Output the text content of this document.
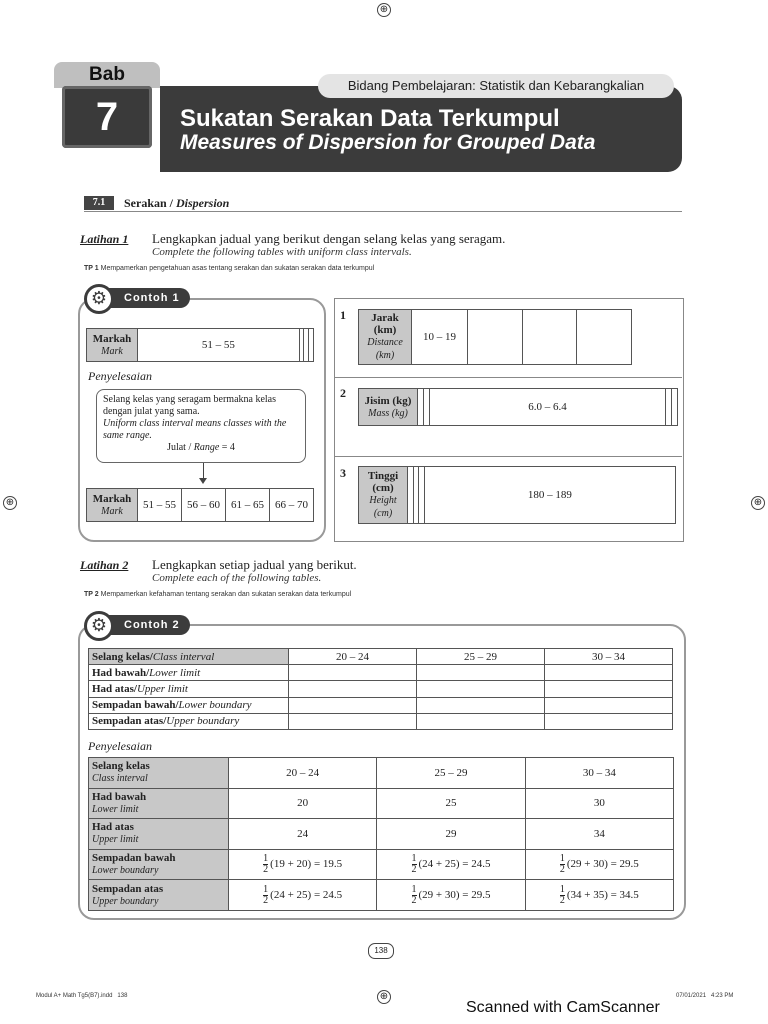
⊕
⊕	⊕
⊕
Bab
7
Bidang Pembelajaran: Statistik dan Kebarangkalian
Sukatan Serakan Data Terkumpul
Measures of Dispersion for Grouped Data
7.1	Serakan / Dispersion
Latihan 1 Lengkapkan jadual yang berikut dengan selang kelas yang seragam.
Complete the following tables with uniform class intervals.
TP 1 Mempamerkan pengetahuan asas tentang serakan dan sukatan serakan data terkumpul
Contoh 1
⚙
Markah
Mark	51 – 55			
Penyelesaian
Selang kelas yang seragam bermakna kelas dengan julat yang sama.
Uniform class interval means classes with the same range.
Julat / Range = 4
Markah
Mark	51 – 55	56 – 60	61 – 65	66 – 70
1 Jarak
(km)
Distance
(km)	10 – 19			
2
Jisim (kg)
Mass (kg)			6.0 – 6.4		
3 Tinggi
(cm)
Height
(cm)				180 – 189
Latihan 2 Lengkapkan setiap jadual yang berikut.
Complete each of the following tables.
TP 2 Mempamerkan kefahaman tentang serakan dan sukatan serakan data terkumpul
Contoh 2
⚙
Selang kelas/Class interval	20 – 24	25 – 29	30 – 34
Had bawah/Lower limit			
Had atas/Upper limit			
Sempadan bawah/Lower boundary			
Sempadan atas/Upper boundary			
Penyelesaian
Selang kelas
Class interval	20 – 24	25 – 29	30 – 34
Had bawah
Lower limit	20	25	30
Had atas
Upper limit	24	29	34
Sempadan bawah
Lower boundary	$\frac{1}{2} (19 + 20) = 19.5$	$\frac{1}{2} (24 + 25) = 24.5$	$\frac{1}{2} (29 + 30) = 29.5$
Sempadan atas
Upper boundary	$\frac{1}{2} (24 + 25) = 24.5$	$\frac{1}{2} (29 + 30) = 29.5$	$\frac{1}{2} (34 + 35) = 34.5$
138
Modul A+ Math Tg5(B7).indd   138	07/01/2021   4:23 PM
Scanned with CamScanner
